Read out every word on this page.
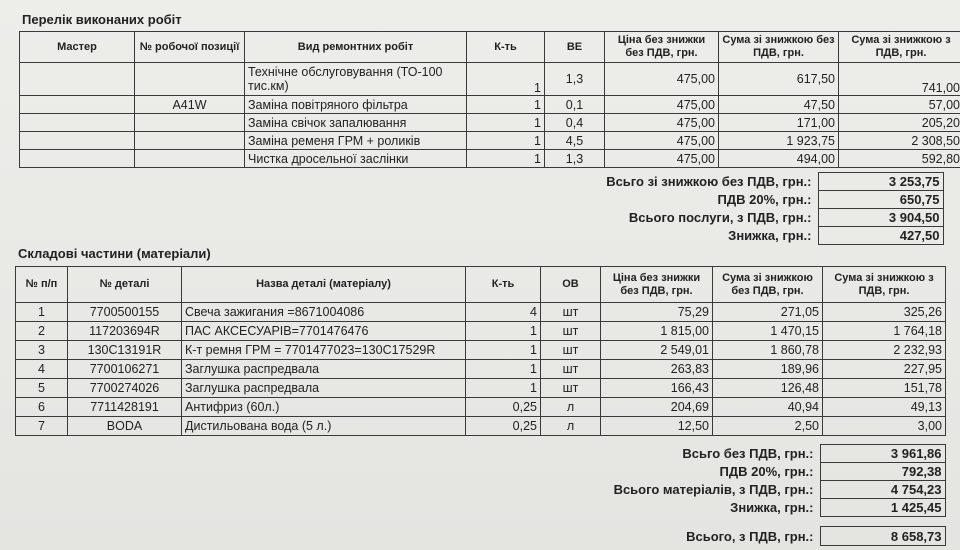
Перелік виконаних робіт
Мастер	№ робочої позиції	Вид ремонтних робіт	К-ть	ВЕ	Ціна без знижки без ПДВ, грн.	Сума зі знижкою без ПДВ, грн.	Сума зі знижкою з ПДВ, грн.
		Технічне обслуговування (ТО-100 тис.км)	1	1,3	475,00	617,50	741,00
	A41W	Заміна повітряного фільтра	1	0,1	475,00	47,50	57,00
		Заміна свічок запалювання	1	0,4	475,00	171,00	205,20
		Заміна ременя ГРМ + роликів	1	4,5	475,00	1 923,75	2 308,50
		Чистка дросельної заслінки	1	1,3	475,00	494,00	592,80
Всьго зі знижкою без ПДВ, грн.:	3 253,75
ПДВ 20%, грн.:	650,75
Всього послуги, з ПДВ, грн.:	3 904,50
Знижка, грн.:	427,50
Складові частини (матеріали)
№ п/п	№ деталі	Назва деталі (матеріалу)	К-ть	ОВ	Ціна без знижки без ПДВ, грн.	Сума зі знижкою без ПДВ, грн.	Сума зі знижкою з ПДВ, грн.
1	7700500155	Свеча зажигания =8671004086	4	шт	75,29	271,05	325,26
2	117203694R	ПАС АКСЕСУАРІВ=7701476476	1	шт	1 815,00	1 470,15	1 764,18
3	130C13191R	К-т ремня ГРМ = 7701477023=130C17529R	1	шт	2 549,01	1 860,78	2 232,93
4	7700106271	Заглушка распредвала	1	шт	263,83	189,96	227,95
5	7700274026	Заглушка распредвала	1	шт	166,43	126,48	151,78
6	7711428191	Антифриз (60л.)	0,25	л	204,69	40,94	49,13
7	BODA	Дистильована вода (5 л.)	0,25	л	12,50	2,50	3,00
Всьго без ПДВ, грн.:	3 961,86
ПДВ 20%, грн.:	792,38
Всього матеріалів, з ПДВ, грн.:	4 754,23
Знижка, грн.:	1 425,45
Всього, з ПДВ, грн.:	8 658,73
